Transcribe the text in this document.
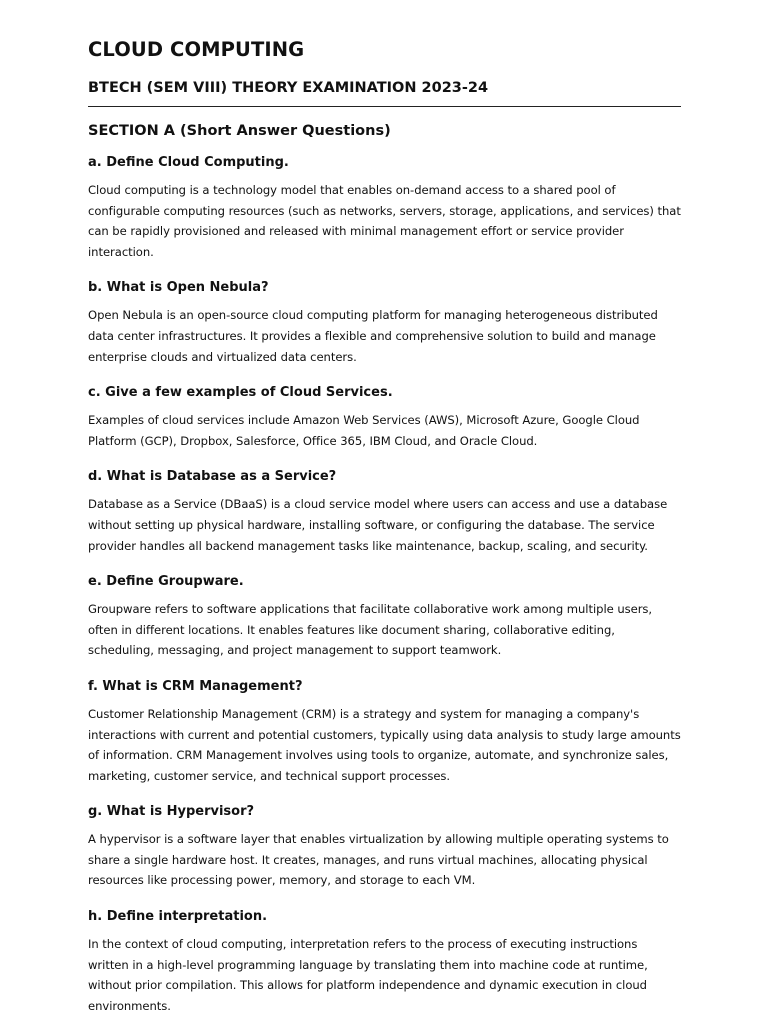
CLOUD COMPUTING
BTECH (SEM VIII) THEORY EXAMINATION 2023-24
SECTION A (Short Answer Questions)
a. Define Cloud Computing.

Cloud computing is a technology model that enables on-demand access to a shared pool of configurable computing resources (such as networks, servers, storage, applications, and services) that can be rapidly provisioned and released with minimal management effort or service provider interaction.

b. What is Open Nebula?

Open Nebula is an open-source cloud computing platform for managing heterogeneous distributed data center infrastructures. It provides a flexible and comprehensive solution to build and manage enterprise clouds and virtualized data centers.

c. Give a few examples of Cloud Services.

Examples of cloud services include Amazon Web Services (AWS), Microsoft Azure, Google Cloud Platform (GCP), Dropbox, Salesforce, Office 365, IBM Cloud, and Oracle Cloud.

d. What is Database as a Service?

Database as a Service (DBaaS) is a cloud service model where users can access and use a database without setting up physical hardware, installing software, or configuring the database. The service provider handles all backend management tasks like maintenance, backup, scaling, and security.

e. Define Groupware.

Groupware refers to software applications that facilitate collaborative work among multiple users, often in different locations. It enables features like document sharing, collaborative editing, scheduling, messaging, and project management to support teamwork.

f. What is CRM Management?

Customer Relationship Management (CRM) is a strategy and system for managing a company's interactions with current and potential customers, typically using data analysis to study large amounts of information. CRM Management involves using tools to organize, automate, and synchronize sales, marketing, customer service, and technical support processes.

g. What is Hypervisor?

A hypervisor is a software layer that enables virtualization by allowing multiple operating systems to share a single hardware host. It creates, manages, and runs virtual machines, allocating physical resources like processing power, memory, and storage to each VM.

h. Define interpretation.

In the context of cloud computing, interpretation refers to the process of executing instructions written in a high-level programming language by translating them into machine code at runtime, without prior compilation. This allows for platform independence and dynamic execution in cloud environments.
